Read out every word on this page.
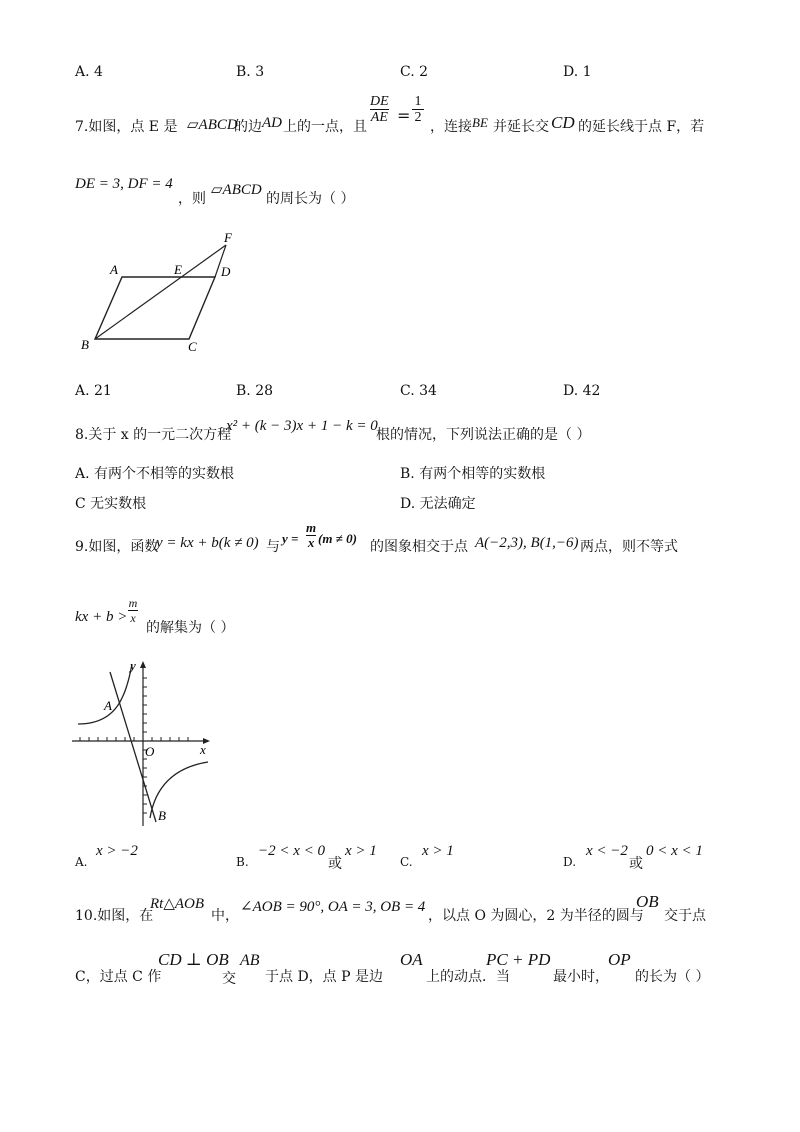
A. 4	B. 3	C. 2	D. 1
7.如图，点 E 是 ▱ABCD
的边 AD 上的一点，且
DE
AE =
1
2
，连接 BE 并延长交 CD 的延长线于点 F，若
DE = 3, DF = 4
，则
▱ABCD
的周长为（ ）
F
A	E	D
B	C
A. 21	B. 28	C. 34	D. 42
8.关于 x 的一元二次方程
x² + (k − 3)x + 1 − k = 0
根的情况，下列说法正确的是（ ）
A. 有两个不相等的实数根	B. 有两个相等的实数根
C 无实数根	D. 无法确定
9.如图，函数
y = kx + b(k ≠ 0) 与
y =
m
x (m ≠ 0)
的图象相交于点 A(−2,3), B(1,−6) 两点，则不等式
kx + b >
m
x
的解集为（ ）
y
x
O
A
B
A.
x > −2
B.
−2 < x < 0
或
x > 1
C.
x > 1
D.
x < −2
或
0 < x < 1
10.如图，在
Rt△AOB
中，
∠AOB = 90°, OA = 3, OB = 4
，以点 O 为圆心，2 为半径的圆与
OB
交于点
C，过点 C 作
CD ⊥ OB
交
AB
于点 D，点 P 是边
OA
上的动点．当
PC + PD
最小时，
OP
的长为（ ）
